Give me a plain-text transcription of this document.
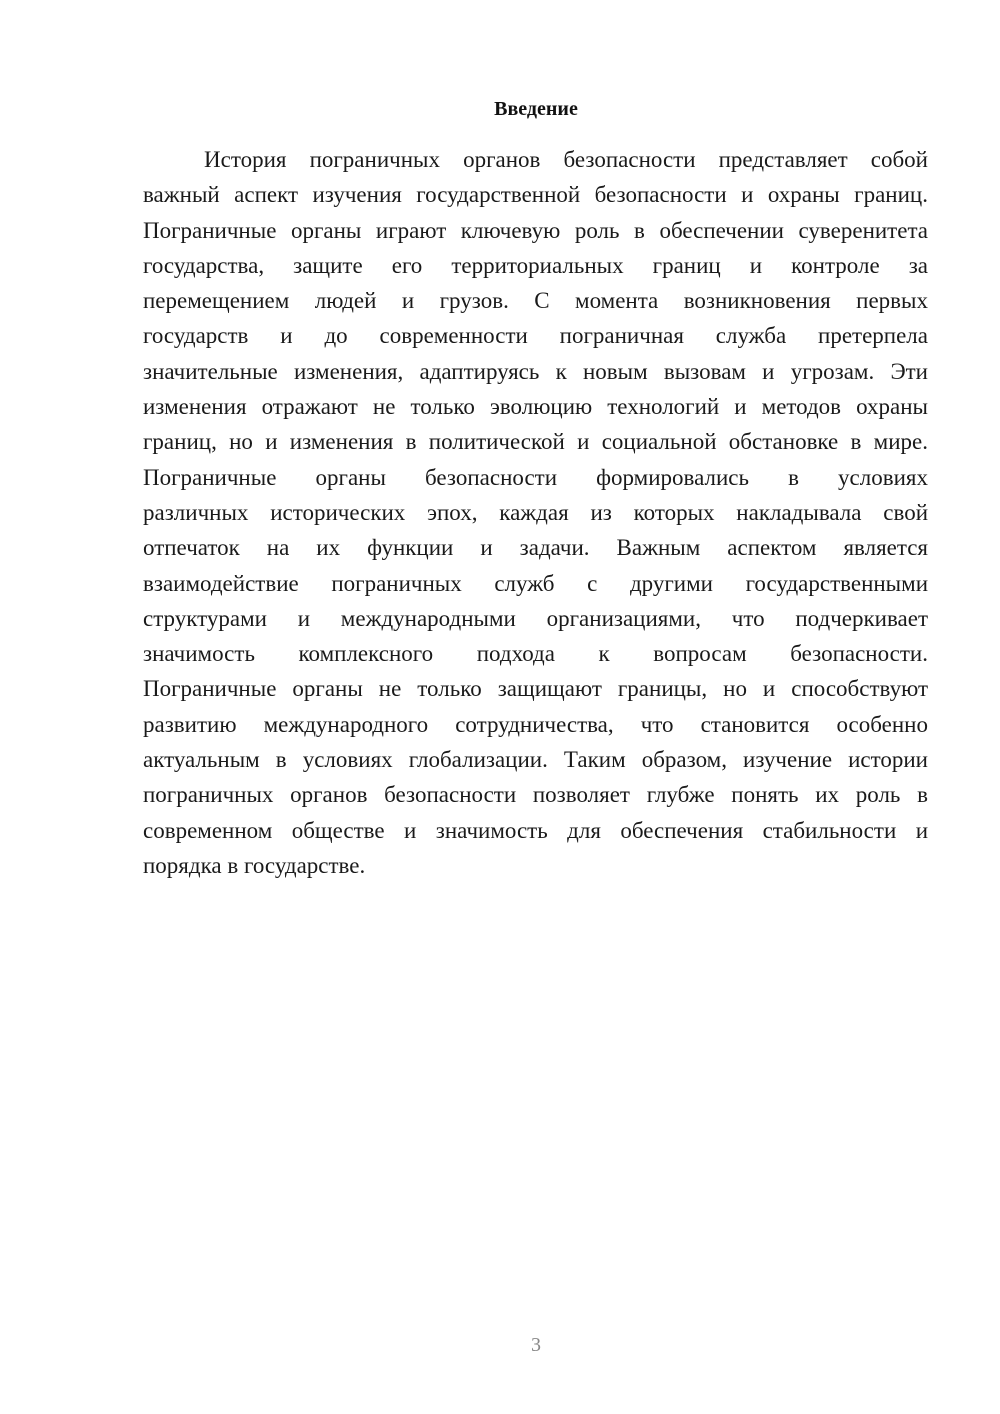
Введение

История пограничных органов безопасности представляет собой
важный аспект изучения государственной безопасности и охраны границ.
Пограничные органы играют ключевую роль в обеспечении суверенитета
государства, защите его территориальных границ и контроле за
перемещением людей и грузов. С момента возникновения первых
государств и до современности пограничная служба претерпела
значительные изменения, адаптируясь к новым вызовам и угрозам. Эти
изменения отражают не только эволюцию технологий и методов охраны
границ, но и изменения в политической и социальной обстановке в мире.
Пограничные органы безопасности формировались в условиях
различных исторических эпох, каждая из которых накладывала свой
отпечаток на их функции и задачи. Важным аспектом является
взаимодействие пограничных служб с другими государственными
структурами и международными организациями, что подчеркивает
значимость комплексного подхода к вопросам безопасности.
Пограничные органы не только защищают границы, но и способствуют
развитию международного сотрудничества, что становится особенно
актуальным в условиях глобализации. Таким образом, изучение истории
пограничных органов безопасности позволяет глубже понять их роль в
современном обществе и значимость для обеспечения стабильности и
порядка в государстве.

3
